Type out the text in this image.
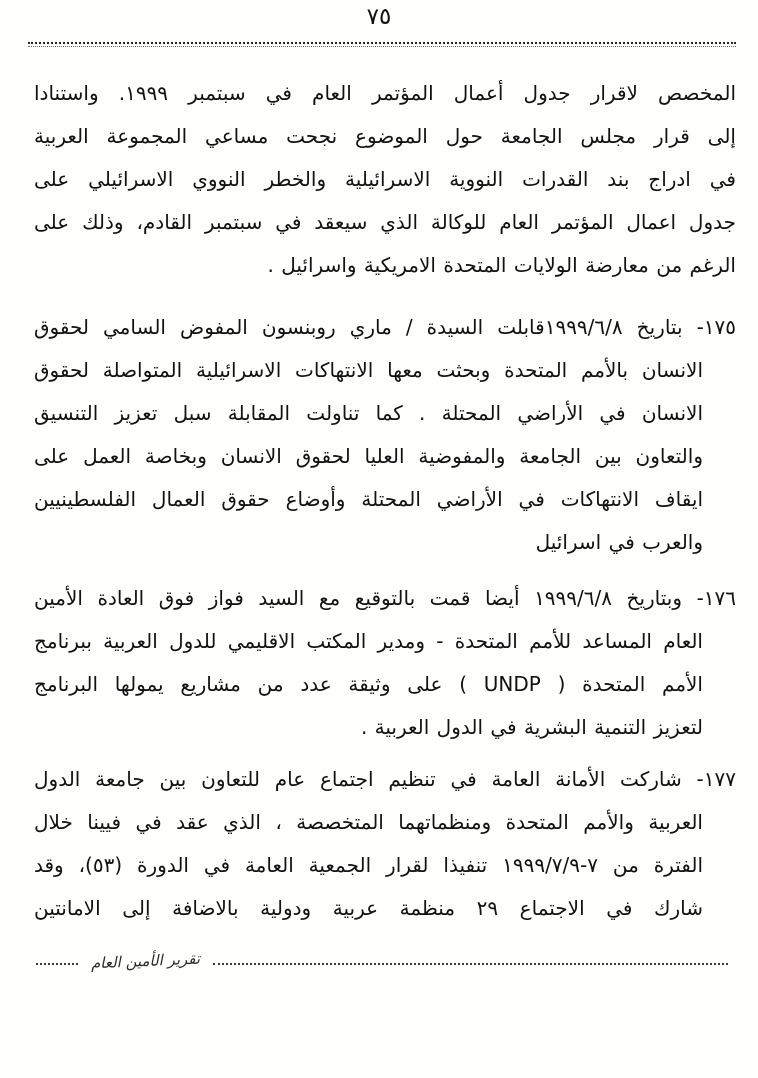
٧٥
المخصص لاقرار جدول أعمال المؤتمر العام في سبتمبر ١٩٩٩. واستنادا
إلى قرار مجلس الجامعة حول الموضوع نجحت مساعي المجموعة العربية
في ادراج بند القدرات النووية الاسرائيلية والخطر النووي الاسرائيلي على
جدول اعمال المؤتمر العام للوكالة الذي سيعقد في سبتمبر القادم، وذلك على
الرغم من معارضة الولايات المتحدة الامريكية واسرائيل .
١٧٥- بتاريخ ١٩٩٩/٦/٨قابلت السيدة / ماري روبنسون المفوض السامي لحقوق
الانسان بالأمم المتحدة وبحثت معها الانتهاكات الاسرائيلية المتواصلة لحقوق
الانسان في الأراضي المحتلة . كما تناولت المقابلة سبل تعزيز التنسيق
والتعاون بين الجامعة والمفوضية العليا لحقوق الانسان وبخاصة العمل على
ايقاف الانتهاكات في الأراضي المحتلة وأوضاع حقوق العمال الفلسطينيين
والعرب في اسرائيل
١٧٦- وبتاريخ ١٩٩٩/٦/٨ أيضا قمت بالتوقيع مع السيد فواز فوق العادة الأمين
العام المساعد للأمم المتحدة - ومدير المكتب الاقليمي للدول العربية ببرنامج
الأمم المتحدة ( UNDP ) على وثيقة عدد من مشاريع يمولها البرنامج
لتعزيز التنمية البشرية في الدول العربية .
١٧٧- شاركت الأمانة العامة في تنظيم اجتماع عام للتعاون بين جامعة الدول
العربية والأمم المتحدة ومنظماتهما المتخصصة ، الذي عقد في فيينا خلال
الفترة من ٧-١٩٩٩/٧/٩ تنفيذا لقرار الجمعية العامة في الدورة (٥٣)، وقد
شارك في الاجتماع ٢٩ منظمة عربية ودولية بالاضافة إلى الامانتين
تقرير الأمين العام
